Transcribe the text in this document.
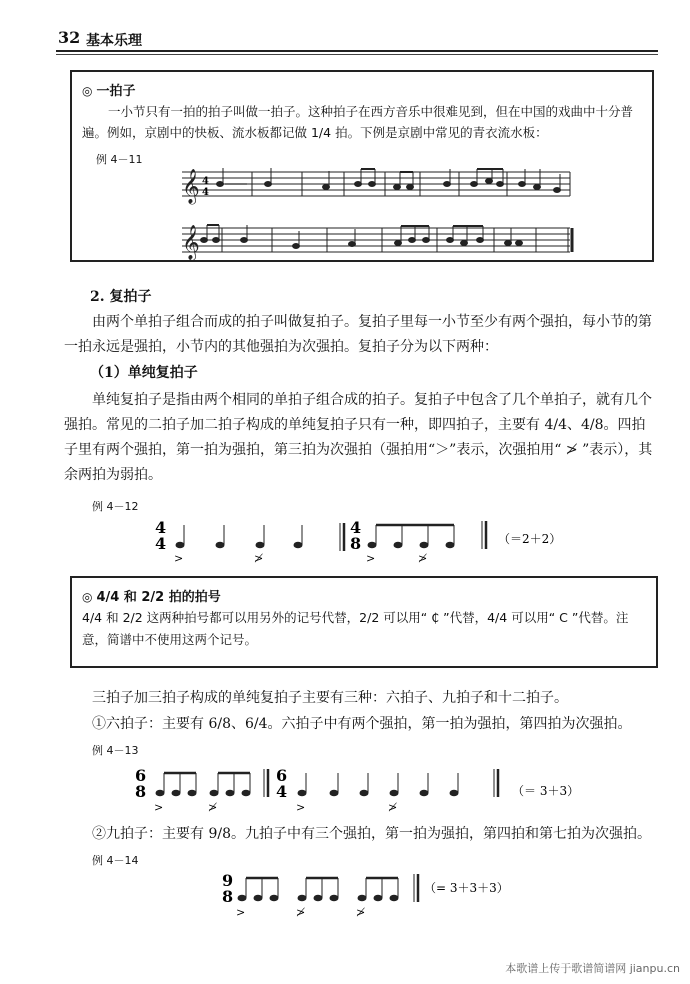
32 基本乐理
◎ 一拍子
一小节只有一拍的拍子叫做一拍子。这种拍子在西方音乐中很难见到，但在中国的戏曲中十分普遍。例如，京剧中的快板、流水板都记做 1/4 拍。下例是京剧中常见的青衣流水板：
例 4－11
𝄞
𝄞
4
4
2. 复拍子
由两个单拍子组合而成的拍子叫做复拍子。复拍子里每一小节至少有两个强拍，每小节的第一拍永远是强拍，小节内的其他强拍为次强拍。复拍子分为以下两种：
（1）单纯复拍子
单纯复拍子是指由两个相同的单拍子组合成的拍子。复拍子中包含了几个单拍子，就有几个强拍。常见的二拍子加二拍子构成的单纯复拍子只有一种，即四拍子，主要有 4/4、4/8。四拍子里有两个强拍，第一拍为强拍，第三拍为次强拍（强拍用“＞”表示，次强拍用“ ≯ ”表示），其余两拍为弱拍。
例 4－12
4
4
4
8
>	≯	>	≯
（＝2＋2）
◎ 4/4 和 2/2 拍的拍号
4/4 和 2/2 这两种拍号都可以用另外的记号代替，2/2 可以用“ ₵ ”代替，4/4 可以用“ C ”代替。注意，简谱中不使用这两个记号。
三拍子加三拍子构成的单纯复拍子主要有三种：六拍子、九拍子和十二拍子。
①六拍子：主要有 6/8、6/4。六拍子中有两个强拍，第一拍为强拍，第四拍为次强拍。
例 4－13
6
8
6
4
>	≯	>	≯
（＝ 3＋3）
②九拍子：主要有 9/8。九拍子中有三个强拍，第一拍为强拍，第四拍和第七拍为次强拍。
例 4－14
9
8
>	≯	≯
（= 3＋3＋3）
本歌谱上传于歌谱简谱网 jianpu.cn
